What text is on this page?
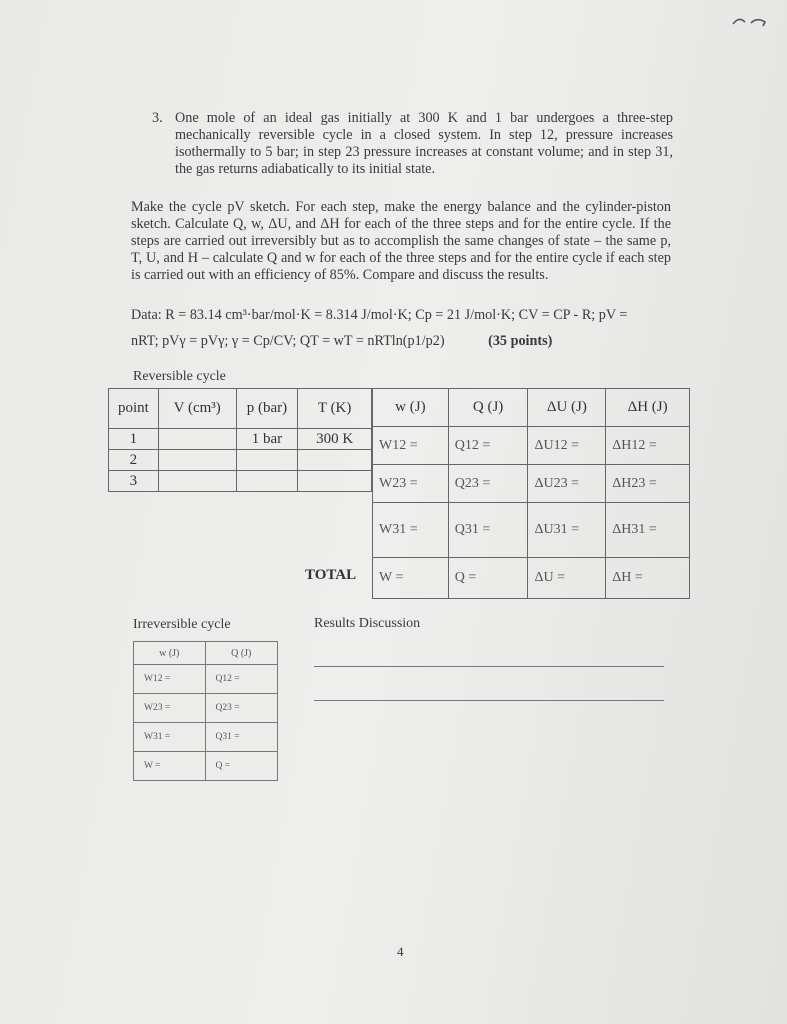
3. One mole of an ideal gas initially at 300 K and 1 bar undergoes a three-step mechanically reversible cycle in a closed system. In step 12, pressure increases isothermally to 5 bar; in step 23 pressure increases at constant volume; and in step 31, the gas returns adiabatically to its initial state.
Make the cycle pV sketch. For each step, make the energy balance and the cylinder-piston sketch. Calculate Q, w, ΔU, and ΔH for each of the three steps and for the entire cycle. If the steps are carried out irreversibly but as to accomplish the same changes of state – the same p, T, U, and H – calculate Q and w for each of the three steps and for the entire cycle if each step is carried out with an efficiency of 85%. Compare and discuss the results.
Data: R = 83.14 cm³·bar/mol·K = 8.314 J/mol·K; Cp = 21 J/mol·K; CV = CP - R; pV =
nRT; pVγ = pVγ; γ = Cp/CV; QT = wT = nRTln(p1/p2)	(35 points)
Reversible cycle
point	V (cm³)	p (bar)	T (K)
1		1 bar	300 K
2			
3			
w (J)	Q (J)	ΔU (J)	ΔH (J)
W12 =	Q12 =	ΔU12 =	ΔH12 =
W23 =	Q23 =	ΔU23 =	ΔH23 =
W31 =	Q31 =	ΔU31 =	ΔH31 =
W =	Q =	ΔU =	ΔH =
TOTAL
Irreversible cycle
w (J)	Q (J)
W12 =	Q12 =
W23 =	Q23 =
W31 =	Q31 =
W =	Q =
Results Discussion
4
